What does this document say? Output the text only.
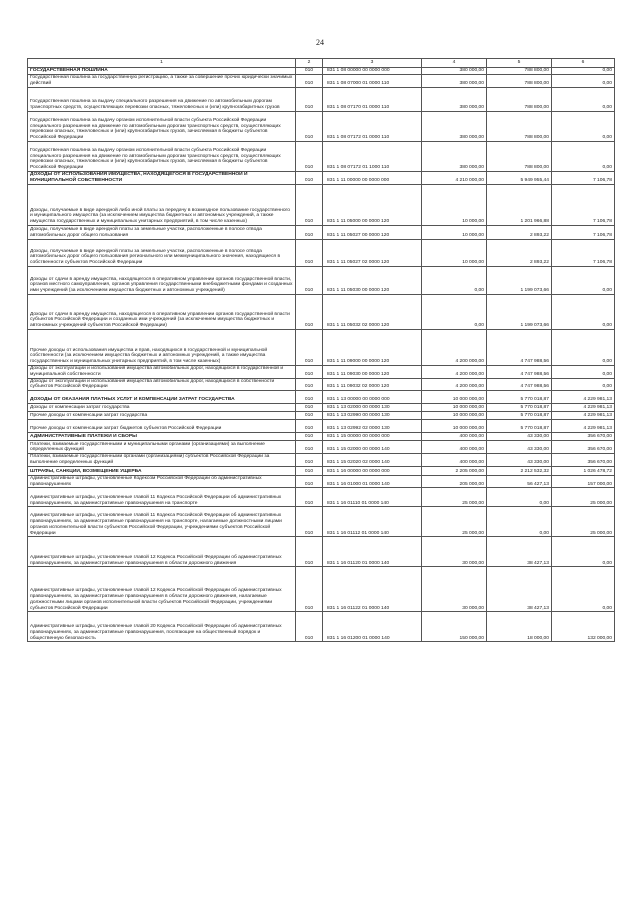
24
1	2	3	4	5	6
ГОСУДАРСТВЕННАЯ ПОШЛИНА	010	831 1 08 00000 00 0000 000	380 000,00	788 800,00	0,00
Государственная пошлина за государственную регистрацию, а также за совершение прочих юридически значимых действий	010	831 1 08 07000 01 0000 110	380 000,00	788 800,00	0,00
Государственная пошлина за выдачу специального разрешения на движение по автомобильным дорогам транспортных средств, осуществляющих перевозки опасных, тяжеловесных и (или) крупногабаритных грузов	010	831 1 08 07170 01 0000 110	380 000,00	788 800,00	0,00
Государственная пошлина за выдачу органом исполнительной власти субъекта Российской Федерации специального разрешения на движение по автомобильным дорогам транспортных средств, осуществляющих перевозки опасных, тяжеловесных и (или) крупногабаритных грузов, зачисляемая в бюджеты субъектов Российской Федерации	010	831 1 08 07172 01 0000 110	380 000,00	788 800,00	0,00
Государственная пошлина за выдачу органом исполнительной власти субъекта Российской Федерации специального разрешения на движение по автомобильным дорогам транспортных средств, осуществляющих перевозки опасных, тяжеловесных и (или) крупногабаритных грузов, зачисляемая в бюджеты субъектов Российской Федерации	010	831 1 08 07172 01 1000 110	380 000,00	788 800,00	0,00
ДОХОДЫ ОТ ИСПОЛЬЗОВАНИЯ ИМУЩЕСТВА, НАХОДЯЩЕГОСЯ В ГОСУДАРСТВЕННОЙ И МУНИЦИПАЛЬНОЙ СОБСТВЕННОСТИ	010	831 1 11 00000 00 0000 000	4 210 000,00	5 949 955,44	7 106,78
Доходы, получаемые в виде арендной либо иной платы за передачу в возмездное пользование государственного и муниципального имущества (за исключением имущества бюджетных и автономных учреждений, а также имущества государственных и муниципальных унитарных предприятий, в том числе казенных)	010	831 1 11 05000 00 0000 120	10 000,00	1 201 966,88	7 106,78
Доходы, получаемые в виде арендной платы за земельные участки, расположенные в полосе отвода автомобильных дорог общего пользования	010	831 1 11 05027 00 0000 120	10 000,00	2 893,22	7 106,78
Доходы, получаемые в виде арендной платы за земельные участки, расположенные в полосе отвода автомобильных дорог общего пользования регионального или межмуниципального значения, находящиеся в собственности субъектов Российской Федерации	010	831 1 11 05027 02 0000 120	10 000,00	2 893,22	7 106,78
Доходы от сдачи в аренду имущества, находящегося в оперативном управлении органов государственной власти, органов местного самоуправления, органов управления государственными внебюджетными фондами и созданных ими учреждений (за исключением имущества бюджетных и автономных учреждений)	010	831 1 11 05030 00 0000 120	0,00	1 199 073,66	0,00
Доходы от сдачи в аренду имущества, находящегося в оперативном управлении органов государственной власти субъектов Российской Федерации и созданных ими учреждений (за исключением имущества бюджетных и автономных учреждений субъектов Российской Федерации)	010	831 1 11 05032 02 0000 120	0,00	1 199 073,66	0,00
Прочие доходы от использования имущества и прав, находящихся в государственной и муниципальной собственности (за исключением имущества бюджетных и автономных учреждений, а также имущества государственных и муниципальных унитарных предприятий, в том числе казенных)	010	831 1 11 09000 00 0000 120	4 200 000,00	4 747 988,56	0,00
Доходы от эксплуатации и использования имущества автомобильных дорог, находящихся в государственной и муниципальной собственности	010	831 1 11 09030 00 0000 120	4 200 000,00	4 747 988,56	0,00
Доходы от эксплуатации и использования имущества автомобильных дорог, находящихся в собственности субъектов Российской Федерации	010	831 1 11 09032 02 0000 120	4 200 000,00	4 747 988,56	0,00
ДОХОДЫ ОТ ОКАЗАНИЯ ПЛАТНЫХ УСЛУГ И КОМПЕНСАЦИИ ЗАТРАТ ГОСУДАРСТВА	010	831 1 13 00000 00 0000 000	10 000 000,00	5 770 018,87	4 229 981,13
Доходы от компенсации затрат государства	010	831 1 13 02000 00 0000 130	10 000 000,00	5 770 018,87	4 229 981,13
Прочие доходы от компенсации затрат государства	010	831 1 13 02990 00 0000 130	10 000 000,00	5 770 018,87	4 229 981,13
Прочие доходы от компенсации затрат бюджетов субъектов Российской Федерации	010	831 1 13 02992 02 0000 130	10 000 000,00	5 770 018,87	4 229 981,13
АДМИНИСТРАТИВНЫЕ ПЛАТЕЖИ И СБОРЫ	010	831 1 15 00000 00 0000 000	400 000,00	43 330,00	356 670,00
Платежи, взимаемые государственными и муниципальными органами (организациями) за выполнение определенных функций	010	831 1 15 02000 00 0000 140	400 000,00	43 330,00	356 670,00
Платежи, взимаемые государственными органами (организациями) субъектов Российской Федерации за выполнение определенных функций	010	831 1 15 02020 02 0000 140	400 000,00	43 330,00	356 670,00
ШТРАФЫ, САНКЦИИ, ВОЗМЕЩЕНИЕ УЩЕРБА	010	831 1 16 00000 00 0000 000	2 205 000,00	2 212 532,32	1 026 478,72
Административные штрафы, установленные Кодексом Российской Федерации об административных правонарушениях	010	831 1 16 01000 01 0000 140	205 000,00	56 427,13	157 000,00
Административные штрафы, установленные главой 11 Кодекса Российской Федерации об административных правонарушениях, за административные правонарушения на транспорте	010	831 1 16 01110 01 0000 140	25 000,00	0,00	25 000,00
Административные штрафы, установленные главой 11 Кодекса Российской Федерации об административных правонарушениях, за административные правонарушения на транспорте, налагаемые должностными лицами органов исполнительной власти субъектов Российской Федерации, учреждениями субъектов Российской Федерации	010	831 1 16 01112 01 0000 140	25 000,00	0,00	25 000,00
Административные штрафы, установленные главой 12 Кодекса Российской Федерации об административных правонарушениях, за административные правонарушения в области дорожного движения	010	831 1 16 01120 01 0000 140	30 000,00	38 427,13	0,00
Административные штрафы, установленные главой 12 Кодекса Российской Федерации об административных правонарушениях, за административные правонарушения в области дорожного движения, налагаемые должностными лицами органов исполнительной власти субъектов Российской Федерации, учреждениями субъектов Российской Федерации	010	831 1 16 01122 01 0000 140	30 000,00	38 427,13	0,00
Административные штрафы, установленные главой 20 Кодекса Российской Федерации об административных правонарушениях, за административные правонарушения, посягающие на общественный порядок и общественную безопасность	010	831 1 16 01200 01 0000 140	150 000,00	18 000,00	132 000,00
